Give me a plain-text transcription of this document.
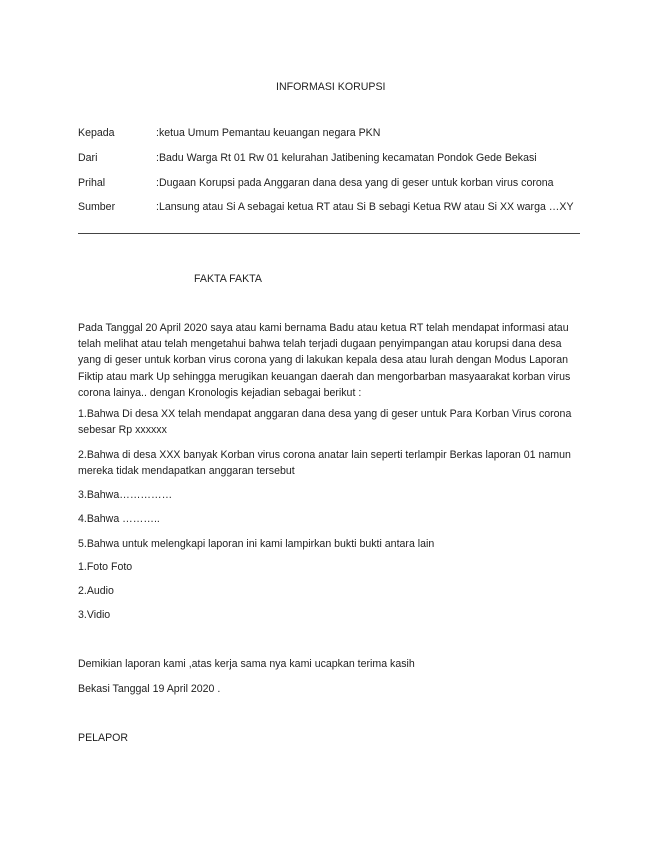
INFORMASI KORUPSI
Kepada	:ketua Umum Pemantau keuangan negara PKN
Dari	:Badu Warga Rt 01 Rw 01 kelurahan Jatibening kecamatan Pondok Gede Bekasi
Prihal	:Dugaan Korupsi pada Anggaran dana desa yang di geser untuk korban virus corona
Sumber	:Lansung atau Si A sebagai ketua RT atau Si B sebagi Ketua RW atau Si XX warga …XY
FAKTA FAKTA
Pada Tanggal 20 April 2020 saya atau kami bernama Badu atau ketua RT telah mendapat informasi atau telah melihat atau telah mengetahui bahwa telah terjadi dugaan penyimpangan atau korupsi dana desa yang di geser untuk korban virus corona yang di lakukan kepala desa atau lurah dengan Modus Laporan Fiktip atau mark Up sehingga merugikan keuangan daerah dan mengorbarban masyaarakat korban virus corona lainya.. dengan Kronologis kejadian sebagai berikut :
1.Bahwa Di desa XX telah mendapat anggaran dana desa yang di geser untuk Para Korban Virus corona sebesar Rp xxxxxx
2.Bahwa di desa XXX banyak Korban virus corona anatar lain seperti terlampir Berkas laporan 01 namun mereka tidak mendapatkan anggaran tersebut
3.Bahwa……………
4.Bahwa ………..
5.Bahwa untuk melengkapi laporan ini kami lampirkan bukti bukti antara lain
1.Foto Foto
2.Audio
3.Vidio
Demikian laporan kami ,atas kerja sama nya kami ucapkan terima kasih
Bekasi Tanggal 19 April 2020 .
PELAPOR
